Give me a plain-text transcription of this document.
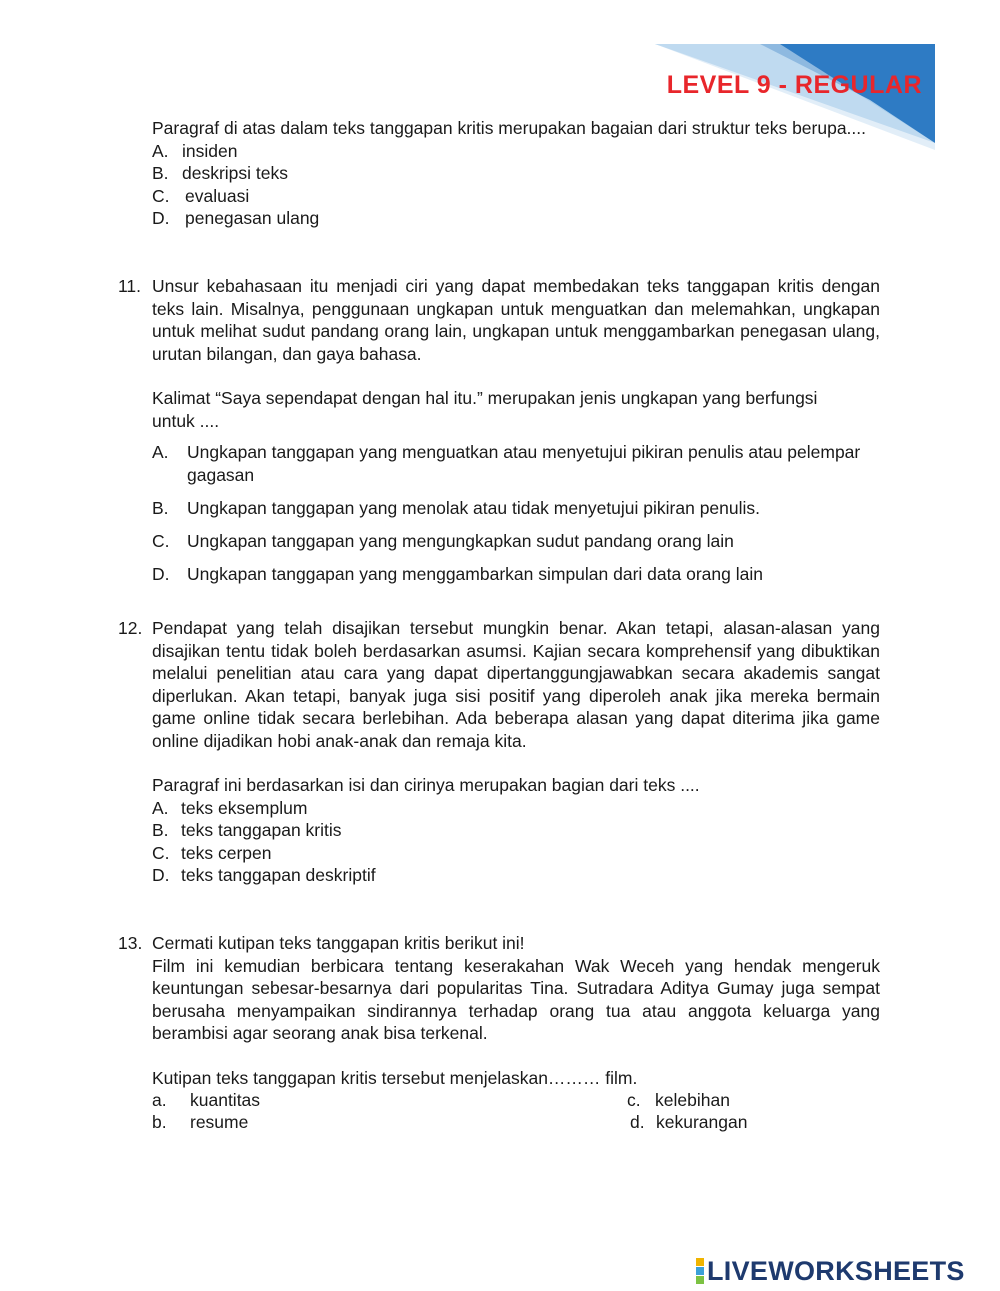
LEVEL 9 - REGULAR
Paragraf di atas dalam teks tanggapan kritis merupakan bagaian dari struktur teks berupa....
A. insiden
B. deskripsi teks
C. evaluasi
D. penegasan ulang
11. Unsur kebahasaan itu menjadi ciri yang dapat membedakan teks tanggapan kritis dengan teks lain. Misalnya, penggunaan ungkapan untuk menguatkan dan melemahkan, ungkapan untuk melihat sudut pandang orang lain, ungkapan untuk menggambarkan penegasan ulang, urutan bilangan, dan gaya bahasa.
Kalimat “Saya sependapat dengan hal itu.” merupakan jenis ungkapan yang berfungsi untuk ....
A.	Ungkapan tanggapan yang menguatkan atau menyetujui pikiran penulis atau pelempar gagasan
B.	Ungkapan tanggapan yang menolak atau tidak menyetujui pikiran penulis.
C.	Ungkapan tanggapan yang mengungkapkan sudut pandang orang lain
D.	Ungkapan tanggapan yang menggambarkan simpulan dari data orang lain
12. Pendapat yang telah disajikan tersebut mungkin benar. Akan tetapi, alasan-alasan yang disajikan tentu tidak boleh berdasarkan asumsi. Kajian secara komprehensif yang dibuktikan melalui penelitian atau cara yang dapat dipertanggungjawabkan secara akademis sangat diperlukan. Akan tetapi, banyak juga sisi positif yang diperoleh anak jika mereka bermain game online tidak secara berlebihan. Ada beberapa alasan yang dapat diterima jika game online dijadikan hobi anak-anak dan remaja kita.
Paragraf ini berdasarkan isi dan cirinya merupakan bagian dari teks ....
A. teks eksemplum
B. teks tanggapan kritis
C. teks cerpen
D. teks tanggapan deskriptif
13. Cermati kutipan teks tanggapan kritis berikut ini!
Film ini kemudian berbicara tentang keserakahan Wak Weceh yang hendak mengeruk keuntungan sebesar-besarnya dari popularitas Tina. Sutradara Aditya Gumay juga sempat berusaha menyampaikan sindirannya terhadap orang tua atau anggota keluarga yang berambisi agar seorang anak bisa terkenal.
Kutipan teks tanggapan kritis tersebut menjelaskan……… film.
a.	kuantitas
b.	resume
c. kelebihan
d. kekurangan
LIVEWORKSHEETS
